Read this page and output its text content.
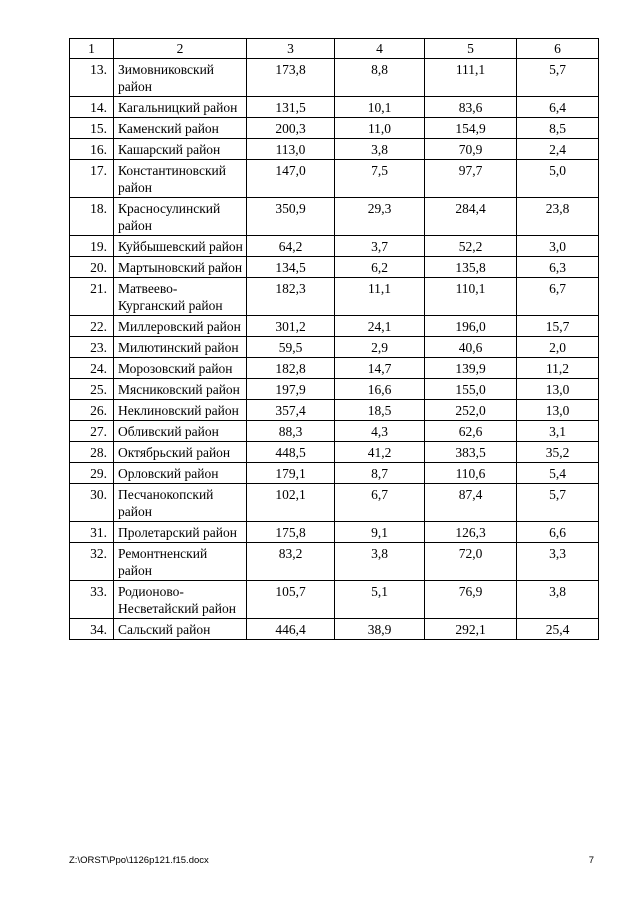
1	2	3	4	5	6
13.	Зимовниковский район	173,8	8,8	111,1	5,7
14.	Кагальницкий район	131,5	10,1	83,6	6,4
15.	Каменский район	200,3	11,0	154,9	8,5
16.	Кашарский район	113,0	3,8	70,9	2,4
17.	Константиновский район	147,0	7,5	97,7	5,0
18.	Красносулинский район	350,9	29,3	284,4	23,8
19.	Куйбышевский район	64,2	3,7	52,2	3,0
20.	Мартыновский район	134,5	6,2	135,8	6,3
21.	Матвеево-Курганский район	182,3	11,1	110,1	6,7
22.	Миллеровский район	301,2	24,1	196,0	15,7
23.	Милютинский район	59,5	2,9	40,6	2,0
24.	Морозовский район	182,8	14,7	139,9	11,2
25.	Мясниковский район	197,9	16,6	155,0	13,0
26.	Неклиновский район	357,4	18,5	252,0	13,0
27.	Обливский район	88,3	4,3	62,6	3,1
28.	Октябрьский район	448,5	41,2	383,5	35,2
29.	Орловский район	179,1	8,7	110,6	5,4
30.	Песчанокопский район	102,1	6,7	87,4	5,7
31.	Пролетарский район	175,8	9,1	126,3	6,6
32.	Ремонтненский район	83,2	3,8	72,0	3,3
33.	Родионово-Несветайский район	105,7	5,1	76,9	3,8
34.	Сальский район	446,4	38,9	292,1	25,4
Z:\ORST\Ppo\1126p121.f15.docx	7
